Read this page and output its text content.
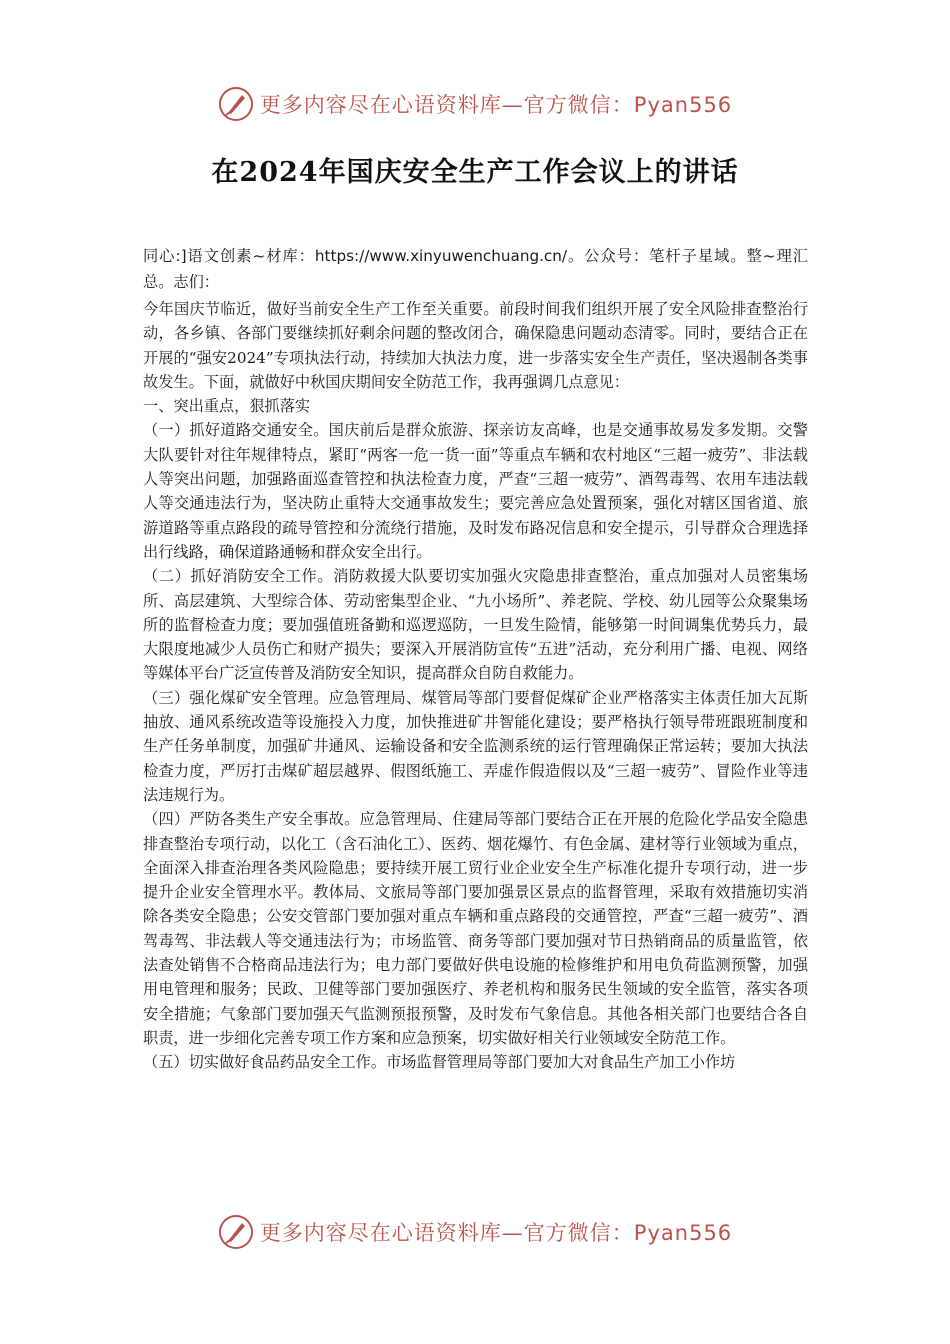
更多内容尽在心语资料库—官方微信：Pyan556
在2024年国庆安全生产工作会议上的讲话

同心:]语文创素~材库：https://www.xinyuwenchuang.cn/。公众号：笔杆子星域。整~理汇总。志们：

今年国庆节临近，做好当前安全生产工作至关重要。前段时间我们组织开展了安全风险排查整治行动，各乡镇、各部门要继续抓好剩余问题的整改闭合，确保隐患问题动态清零。同时，要结合正在开展的“强安2024”专项执法行动，持续加大执法力度，进一步落实安全生产责任，坚决遏制各类事故发生。下面，就做好中秋国庆期间安全防范工作，我再强调几点意见：

一、突出重点，狠抓落实

（一）抓好道路交通安全。国庆前后是群众旅游、探亲访友高峰，也是交通事故易发多发期。交警大队要针对往年规律特点，紧盯“两客一危一货一面”等重点车辆和农村地区“三超一疲劳”、非法载人等突出问题，加强路面巡查管控和执法检查力度，严查“三超一疲劳”、酒驾毒驾、农用车违法载人等交通违法行为，坚决防止重特大交通事故发生；要完善应急处置预案，强化对辖区国省道、旅游道路等重点路段的疏导管控和分流绕行措施，及时发布路况信息和安全提示，引导群众合理选择出行线路，确保道路通畅和群众安全出行。

（二）抓好消防安全工作。消防救援大队要切实加强火灾隐患排查整治，重点加强对人员密集场所、高层建筑、大型综合体、劳动密集型企业、“九小场所”、养老院、学校、幼儿园等公众聚集场所的监督检查力度；要加强值班备勤和巡逻巡防，一旦发生险情，能够第一时间调集优势兵力，最大限度地减少人员伤亡和财产损失；要深入开展消防宣传“五进”活动，充分利用广播、电视、网络等媒体平台广泛宣传普及消防安全知识，提高群众自防自救能力。

（三）强化煤矿安全管理。应急管理局、煤管局等部门要督促煤矿企业严格落实主体责任加大瓦斯抽放、通风系统改造等设施投入力度，加快推进矿井智能化建设；要严格执行领导带班跟班制度和生产任务单制度，加强矿井通风、运输设备和安全监测系统的运行管理确保正常运转；要加大执法检查力度，严厉打击煤矿超层越界、假图纸施工、弄虚作假造假以及“三超一疲劳”、冒险作业等违法违规行为。

（四）严防各类生产安全事故。应急管理局、住建局等部门要结合正在开展的危险化学品安全隐患排查整治专项行动，以化工（含石油化工）、医药、烟花爆竹、有色金属、建材等行业领域为重点，全面深入排查治理各类风险隐患；要持续开展工贸行业企业安全生产标准化提升专项行动，进一步提升企业安全管理水平。教体局、文旅局等部门要加强景区景点的监督管理，采取有效措施切实消除各类安全隐患；公安交管部门要加强对重点车辆和重点路段的交通管控，严查“三超一疲劳”、酒驾毒驾、非法载人等交通违法行为；市场监管、商务等部门要加强对节日热销商品的质量监管，依法查处销售不合格商品违法行为；电力部门要做好供电设施的检修维护和用电负荷监测预警，加强用电管理和服务；民政、卫健等部门要加强医疗、养老机构和服务民生领域的安全监管，落实各项安全措施；气象部门要加强天气监测预报预警，及时发布气象信息。其他各相关部门也要结合各自职责，进一步细化完善专项工作方案和应急预案，切实做好相关行业领域安全防范工作。

（五）切实做好食品药品安全工作。市场监督管理局等部门要加大对食品生产加工小作坊

更多内容尽在心语资料库—官方微信：Pyan556
